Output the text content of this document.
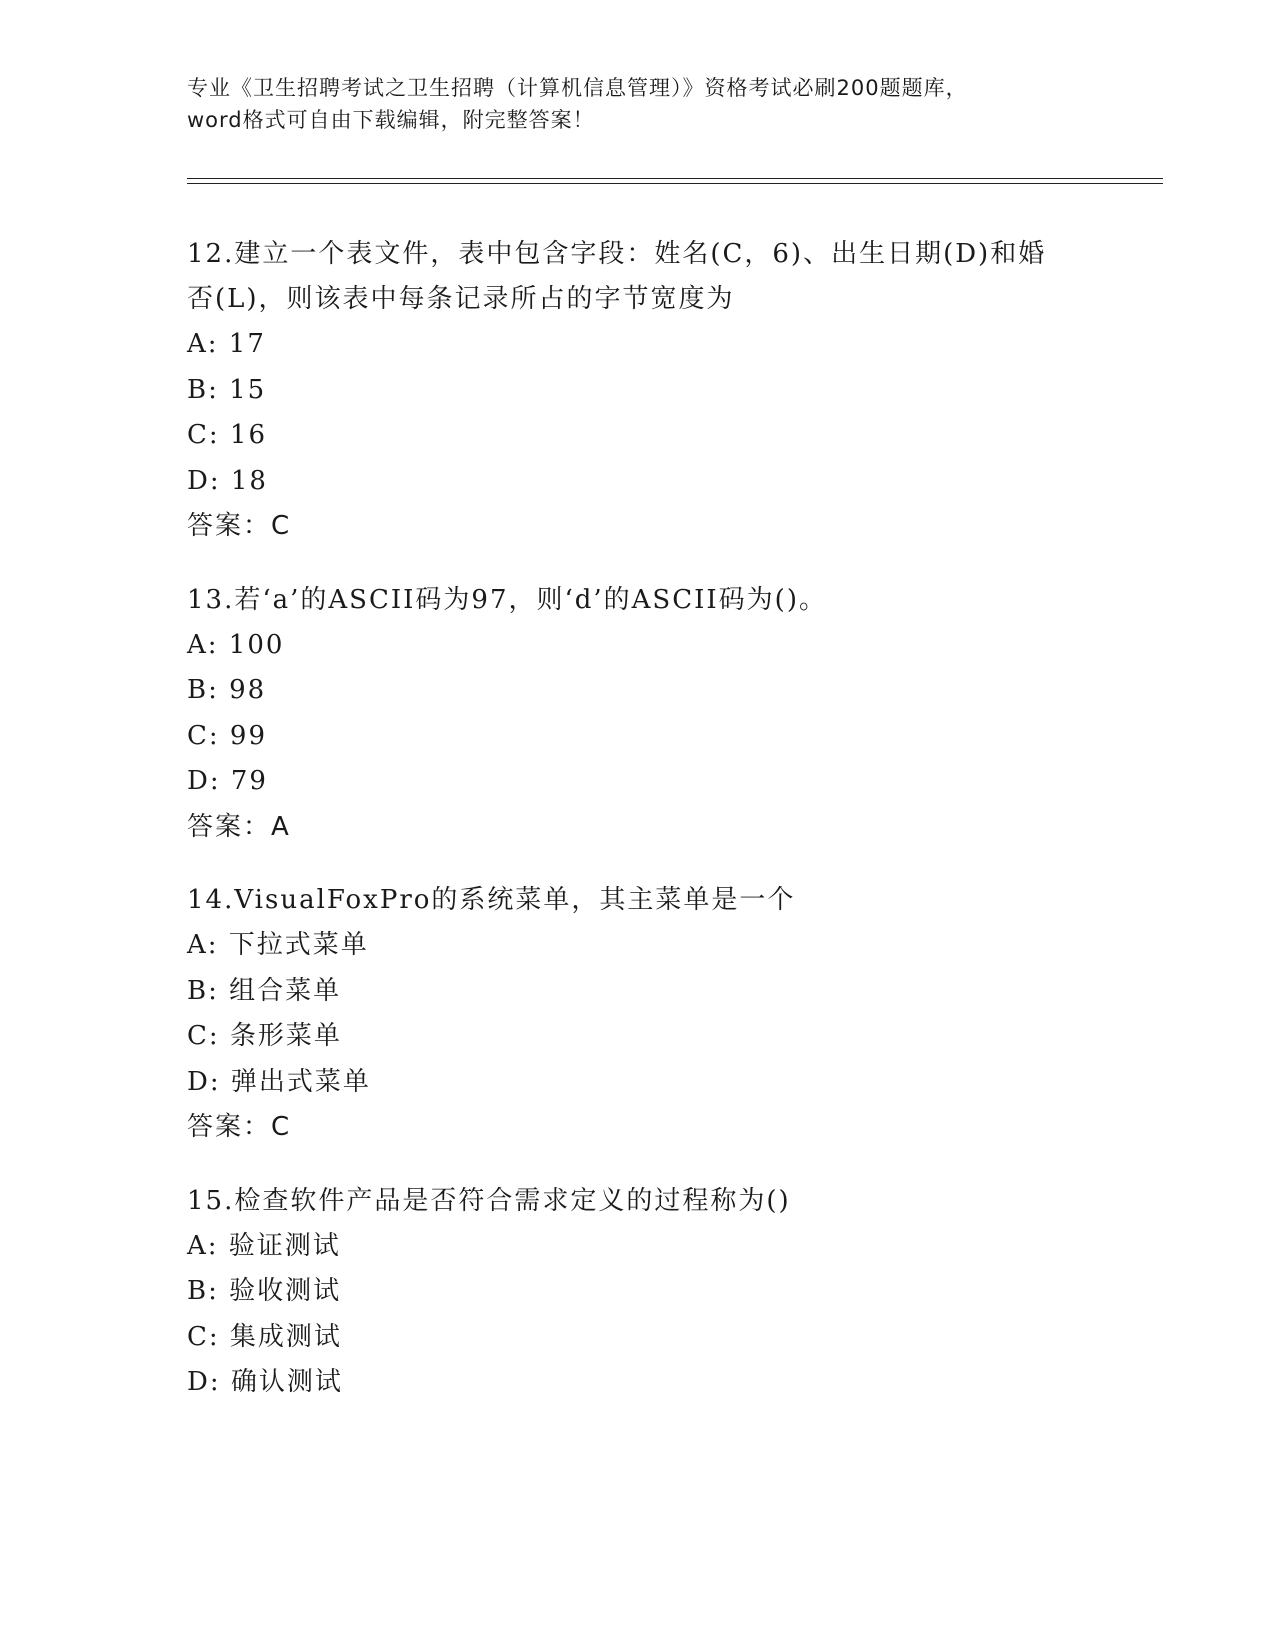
专业《卫生招聘考试之卫生招聘（计算机信息管理）》资格考试必刷200题题库，
word格式可自由下载编辑，附完整答案！
12.建立一个表文件，表中包含字段：姓名(C，6)、出生日期(D)和婚
否(L)，则该表中每条记录所占的字节宽度为
A: 17
B: 15
C: 16
D: 18
答案：C
13.若‘a’的ASCII码为97，则‘d’的ASCII码为()。
A: 100
B: 98
C: 99
D: 79
答案：A
14.VisualFoxPro的系统菜单，其主菜单是一个
A: 下拉式菜单
B: 组合菜单
C: 条形菜单
D: 弹出式菜单
答案：C
15.检查软件产品是否符合需求定义的过程称为()
A: 验证测试
B: 验收测试
C: 集成测试
D: 确认测试
